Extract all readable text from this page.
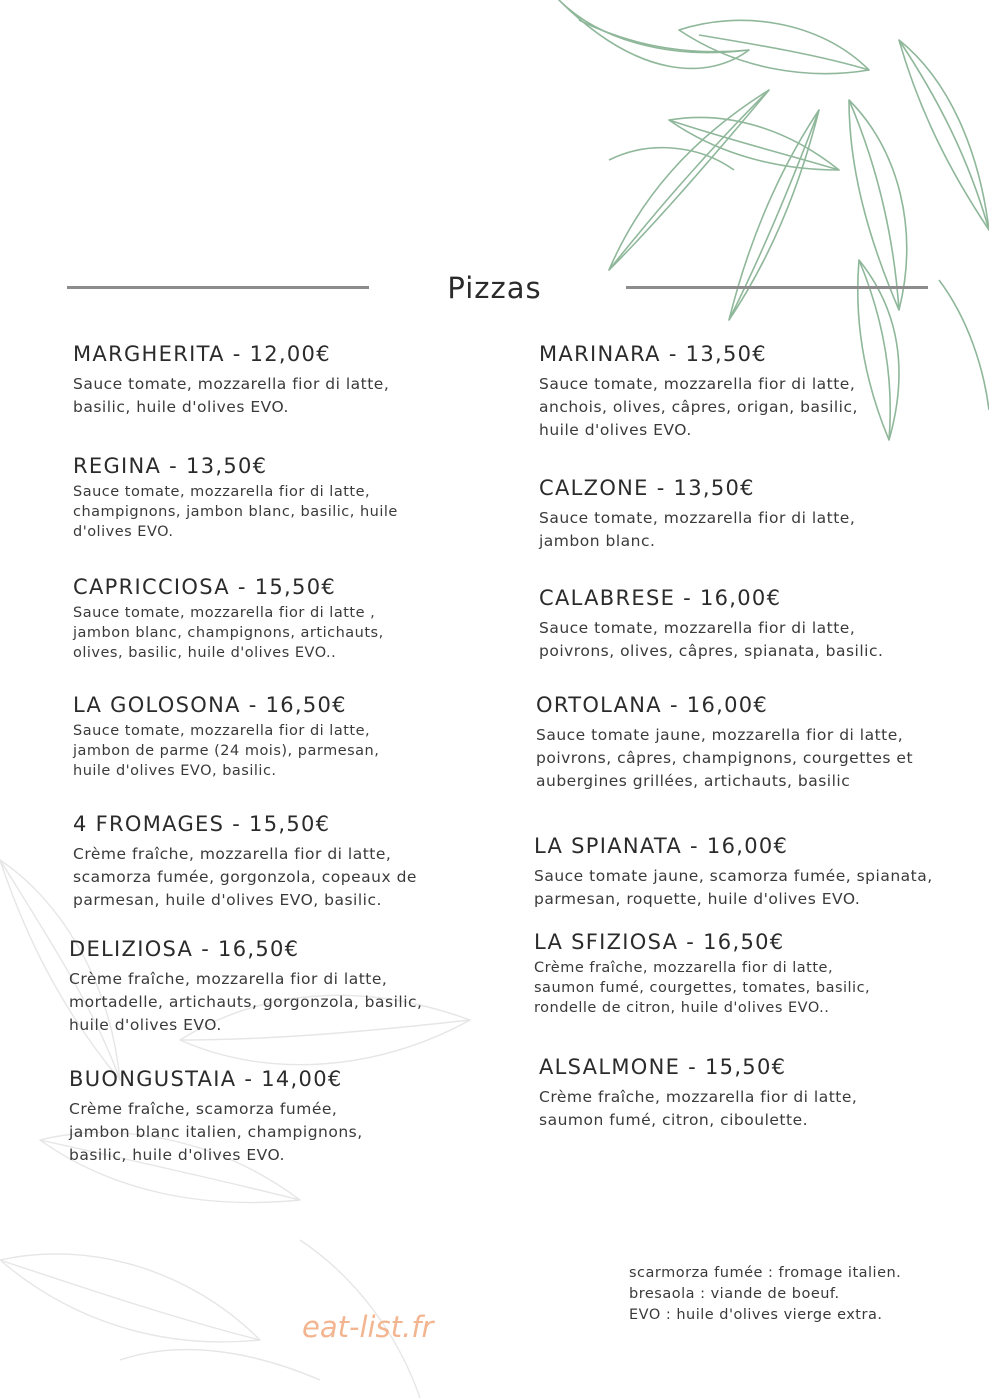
Pizzas
MARGHERITA - 12,00€
Sauce tomate, mozzarella fior di latte, basilic, huile d'olives EVO.
REGINA - 13,50€
Sauce tomate, mozzarella fior di latte, champignons, jambon blanc, basilic, huile d'olives EVO.
CAPRICCIOSA - 15,50€
Sauce tomate, mozzarella fior di latte , jambon blanc, champignons, artichauts, olives, basilic, huile d'olives EVO..
LA GOLOSONA - 16,50€
Sauce tomate, mozzarella fior di latte, jambon de parme (24 mois), parmesan, huile d'olives EVO, basilic.
4 FROMAGES - 15,50€
Crème fraîche, mozzarella fior di latte, scamorza fumée, gorgonzola, copeaux de parmesan, huile d'olives EVO, basilic.
DELIZIOSA - 16,50€
Crème fraîche, mozzarella fior di latte, mortadelle, artichauts, gorgonzola, basilic, huile d'olives EVO.
BUONGUSTAIA - 14,00€
Crème fraîche, scamorza fumée, jambon blanc italien, champignons, basilic, huile d'olives EVO.
MARINARA - 13,50€
Sauce tomate, mozzarella fior di latte, anchois, olives, câpres, origan, basilic, huile d'olives EVO.
CALZONE - 13,50€
Sauce tomate, mozzarella fior di latte, jambon blanc.
CALABRESE - 16,00€
Sauce tomate, mozzarella fior di latte, poivrons, olives, câpres, spianata, basilic.
ORTOLANA - 16,00€
Sauce tomate jaune, mozzarella fior di latte, poivrons, câpres, champignons, courgettes et aubergines grillées, artichauts, basilic
LA SPIANATA - 16,00€
Sauce tomate jaune, scamorza fumée, spianata, parmesan, roquette, huile d'olives EVO.
LA SFIZIOSA - 16,50€
Crème fraîche, mozzarella fior di latte, saumon fumé, courgettes, tomates, basilic, rondelle de citron, huile d'olives EVO..
ALSALMONE - 15,50€
Crème fraîche, mozzarella fior di latte, saumon fumé, citron, ciboulette.
scarmorza fumée : fromage italien.
bresaola : viande de boeuf.
EVO : huile d'olives vierge extra.
eat-list.fr
